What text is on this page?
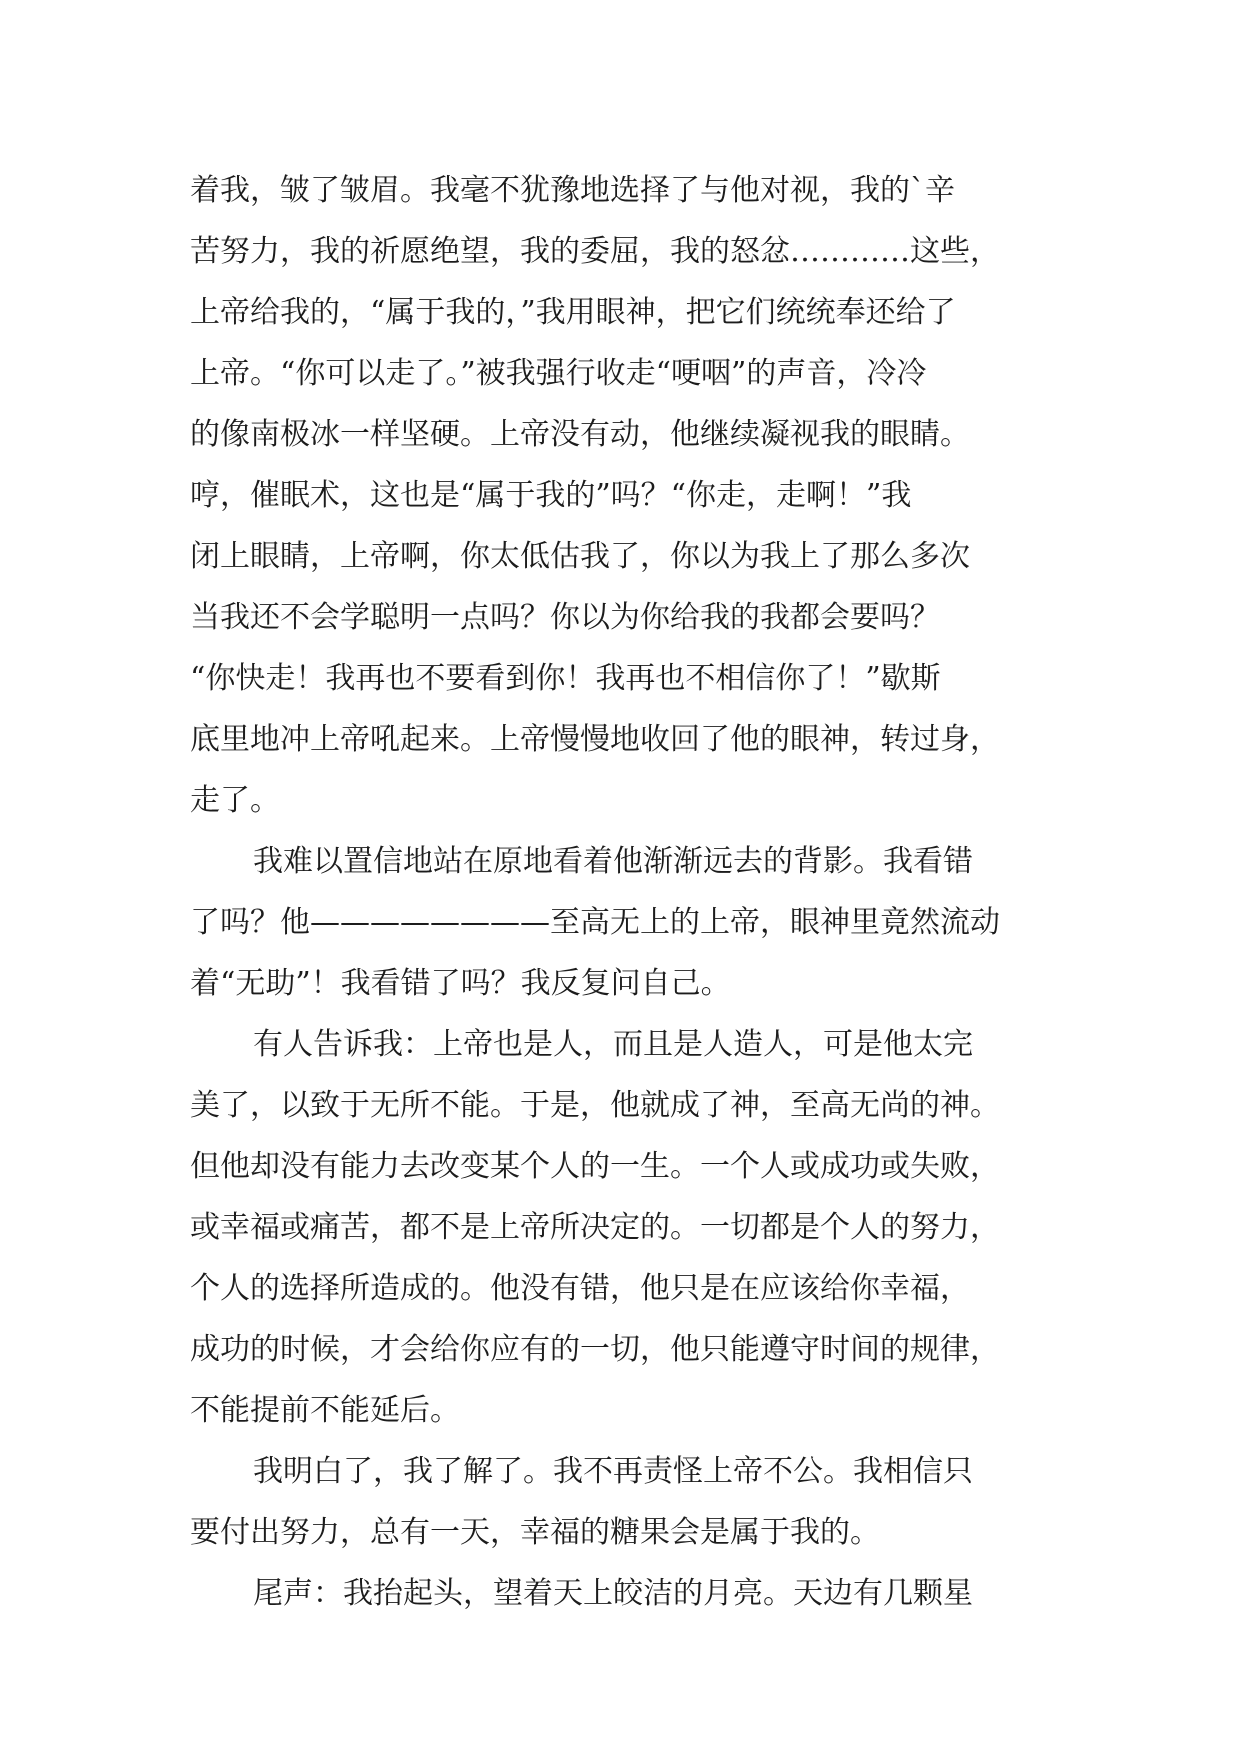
着我，皱了皱眉。我毫不犹豫地选择了与他对视，我的`辛
苦努力，我的祈愿绝望，我的委屈，我的怒忿…………这些，
上帝给我的，“属于我的，”我用眼神，把它们统统奉还给了
上帝。“你可以走了。”被我强行收走“哽咽”的声音，冷冷
的像南极冰一样坚硬。上帝没有动，他继续凝视我的眼睛。
哼，催眠术，这也是“属于我的”吗？“你走，走啊！”我
闭上眼睛，上帝啊，你太低估我了，你以为我上了那么多次
当我还不会学聪明一点吗？你以为你给我的我都会要吗？
“你快走！我再也不要看到你！我再也不相信你了！”歇斯
底里地冲上帝吼起来。上帝慢慢地收回了他的眼神，转过身，
走了。
我难以置信地站在原地看着他渐渐远去的背影。我看错
了吗？他————————至高无上的上帝，眼神里竟然流动
着“无助”！我看错了吗？我反复问自己。
有人告诉我：上帝也是人，而且是人造人，可是他太完
美了，以致于无所不能。于是，他就成了神，至高无尚的神。
但他却没有能力去改变某个人的一生。一个人或成功或失败，
或幸福或痛苦，都不是上帝所决定的。一切都是个人的努力，
个人的选择所造成的。他没有错，他只是在应该给你幸福，
成功的时候，才会给你应有的一切，他只能遵守时间的规律，
不能提前不能延后。
我明白了，我了解了。我不再责怪上帝不公。我相信只
要付出努力，总有一天，幸福的糖果会是属于我的。
尾声：我抬起头，望着天上皎洁的月亮。天边有几颗星
